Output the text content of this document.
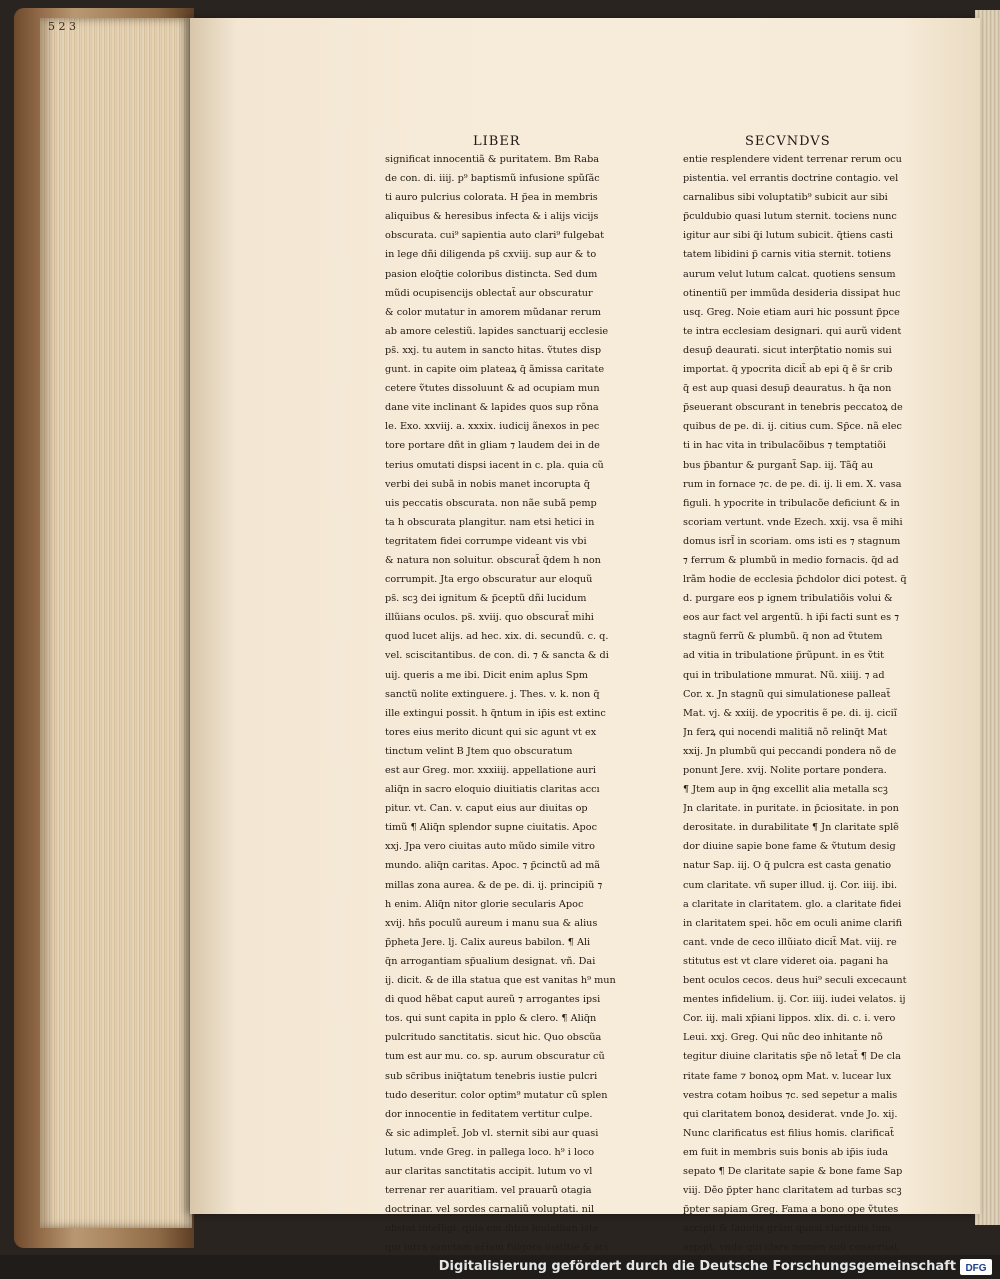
5 2 3

LIBER	SECVNDVS
significat innocentiã & puritatem. Bm Raba
de con. di. iiij. p⁹ baptismũ infusione spũſãc
ti auro pulcrius colorata. H p̃ea in membris
aliquibus & heresibus infecta & i alijs vicijs
obscurata. cui⁹ sapientia auto clari⁹ fulgebat
in lege dñi diligenda ps̃ cxviij. sup aur & to
pasion eloq̃tie coloribus distincta. Sed dum
mũdi ocupisencijs oblectat̃ aur obscuratur
& color mutatur in amorem mũdanar rerum
ab amore celestiũ. lapides sanctuarij ecclesie
ps̃. xxj. tu autem in sancto hitas. ṽtutes disp
gunt. in capite oim plateaꝝ q̃ ãmissa caritate
cetere ṽtutes dissoluunt & ad ocupiam mun
dane vite inclinant & lapides quos sup rõna
le. Exo. xxviij. a. xxxix. iudicij ãnexos in pec
tore portare dñt in gliam ⁊ laudem dei in de
terius omutati dispsi iacent in c. pla. quia cũ
verbi dei subã in nobis manet incorupta q̃
uis peccatis obscurata. non nãe subã pemp
ta h obscurata plangitur. nam etsi hetici in
tegritatem fidei corrumpe videant vis vbi
& natura non soluitur. obscurat̃ q̃dem h non
corrumpit. Jta ergo obscuratur aur eloquũ
ps̃. scꝫ dei ignitum & p̃ceptũ dñi lucidum
illũians oculos. ps̃. xviij. quo obscurat̃ mihi
quod lucet alijs. ad hec. xix. di. secundũ. c. q.
vel. sciscitantibus. de con. di. ⁊ & sancta & di
uij. queris a me ibi. Dicit enim aplus Spm
sanctũ nolite extinguere. j. Thes. v. k. non q̃
ille extingui possit. h q̃ntum in ip̃is est extinc
tores eius merito dicunt qui sic agunt vt ex
tinctum velint B Jtem quo obscuratum
est aur Greg. mor. xxxiiij. appellatione auri
aliq̃n in sacro eloquio diuitiatis claritas accı
pitur. vt. Can. v. caput eius aur diuitas op
timũ ¶ Aliq̃n splendor supne ciuitatis. Apoc
xxj. Jpa vero ciuitas auto mũdo simile vitro
mundo. aliq̃n caritas. Apoc. ⁊ p̃cinctũ ad mã
millas zona aurea. & de pe. di. ij. principiũ ⁊
h enim. Aliq̃n nitor glorie secularis Apoc
xvij. hñs poculũ aureum i manu sua & alius
p̃pheta Jere. lj. Calix aureus babilon. ¶ Ali
q̃n arrogantiam sp̃ualium designat. vñ. Dai
ij. dicit. & de illa statua que est vanitas h⁹ mun
di quod hẽbat caput aureũ ⁊ arrogantes ipsi
tos. qui sunt capita in pplo & clero. ¶ Aliq̃n
pulcritudo sanctitatis. sicut hic. Quo obscũa
tum est aur mu. co. sp. aurum obscuratur cũ
sub sc̃ribus iniq̃tatum tenebris iustie pulcri
tudo deseritur. color optim⁹ mutatur cũ splen
dor innocentie in feditatem vertitur culpe.
& sic adimplet̃. Job vl. sternit sibi aur quasi
lutum. vnde Greg. in pallega loco. h⁹ i loco
aur claritas sanctitatis accipit. lutum vo vl
terrenar rer auaritiam. vel prauarũ otagia
doctrinar. vel sordes carnaliũ voluptati. nil
obstat intelligi. quia em m̃tos leuiathan iste
qui intra sanctam eĉiam fulgore iustitie & sci
entie resplendere vident terrenar rerum ocu
pistentia. vel errantis doctrine contagio. vel
carnalibus sibi voluptatib⁹ subicit aur sibi
p̃culdubio quasi lutum sternit. tociens nunc
igitur aur sibi q̃i lutum subicit. q̃tiens casti
tatem libidini p̃ carnis vitia sternit. totiens
aurum velut lutum calcat. quotiens sensum
otinentiũ per immũda desideria dissipat huc
usq. Greg. Noie etiam auri hic possunt p̃pce
te intra ecclesiam designari. qui aurũ vident
desup̃ deaurati. sicut interp̃tatio nomis sui
importat. q̃ ypocrita dicit̃ ab epi q̃ ẽ s̃r crib
q̃ est aup quasi desup̃ deauratus. h q̃a non
p̃seuerant obscurant in tenebris peccatoꝝ de
quibus de pe. di. ij. citius cum. Sp̃ce. nã elec
ti in hac vita in tribulacõibus ⁊ temptatiõi
bus p̃bantur & purgant̃ Sap. iij. Tãq̃ au
rum in fornace ⁊c. de pe. di. ij. li em. X. vasa
figuli. h ypocrite in tribulacõe deficiunt & in
scoriam vertunt. vnde Ezech. xxij. vsa ẽ mihi
domus isrl̃ in scoriam. oms isti es ⁊ stagnum
⁊ ferrum & plumbũ in medio fornacis. q̃d ad
lrãm hodie de ecclesia p̃chdolor dici potest. q̃
d. purgare eos p ignem tribulatiõis volui &
eos aur fact vel argentũ. h ip̃i facti sunt es ⁊
stagnũ ferrũ & plumbũ. q̃ non ad ṽtutem
ad vitia in tribulatione p̃rũpunt. in es ṽtit
qui in tribulatione mmurat. Nũ. xiiij. ⁊ ad
Cor. x. Jn stagnũ qui simulationese palleat̃
Mat. vj. & xxiij. de ypocritis ẽ pe. di. ij. ciciĩ
Jn ferꝝ qui nocendi malitiã nõ relinq̃t Mat
xxij. Jn plumbũ qui peccandi pondera nõ de
ponunt Jere. xvij. Nolite portare pondera.
¶ Jtem aup in q̃ng excellit alia metalla scꝫ
Jn claritate. in puritate. in p̃ciositate. in pon
derositate. in durabilitate ¶ Jn claritate splẽ
dor diuine sapie bone fame & ṽtutum desig
natur Sap. iij. O q̃ pulcra est casta genatio
cum claritate. vñ super illud. ij. Cor. iiij. ibi.
a claritate in claritatem. glo. a claritate fidei
in claritatem spei. hõc em oculi anime clarifi
cant. vnde de ceco illũiato dicit̃ Mat. viij. re
stitutus est vt clare videret oia. pagani ha
bent oculos cecos. deus hui⁹ seculi excecaunt
mentes infidelium. ij. Cor. iiij. iudei velatos. ij
Cor. iij. mali xp̃iani lippos. xlix. di. c. i. vero
Leui. xxj. Greg. Qui nũc deo inhitante nõ
tegitur diuine claritatis sp̃e nõ letat̃ ¶ De cla
ritate fame ⁊ bonoꝝ opm Mat. v. lucear lux
vestra cotam hoibus ⁊c. sed sepetur a malis
qui claritatem bonoꝝ desiderat. vnde Jo. xij.
Nunc clarificatus est filius homis. clarificat̃
em fuit in membris suis bonis ab ip̃is iuda
sepato ¶ De claritate sapie & bone fame Sap
viij. Dẽo p̃pter hanc claritatem ad turbas scꝫ
p̃pter sapiam Greg. Fama a bono ope ṽtutes
accipit & fauotis grãm quasi claritatis lum
aspgit. vnde qui clare nomen suũ conseruat
Digitalisierung gefördert durch die Deutsche Forschungsgemeinschaft DFG
